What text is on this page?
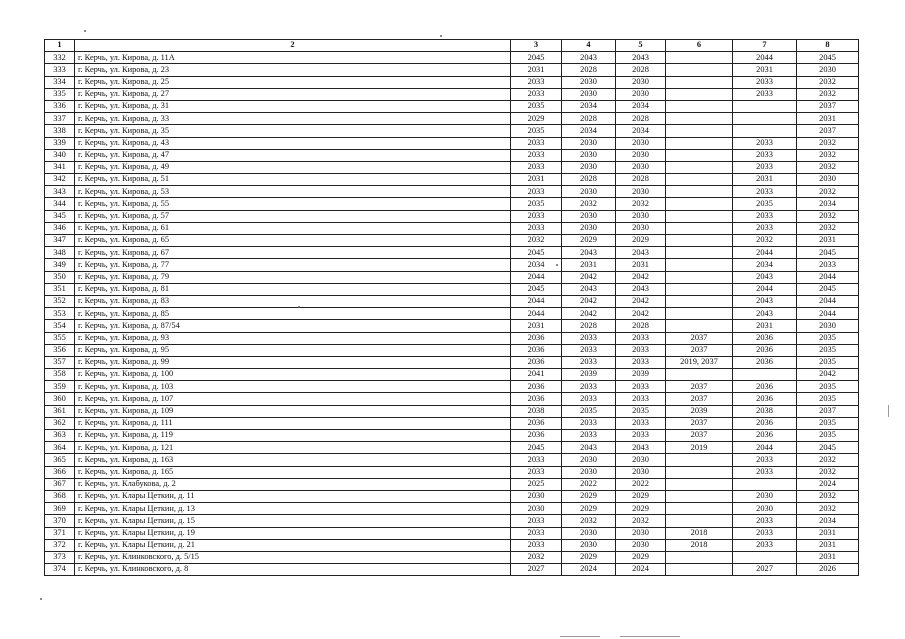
1	2	3	4	5	6	7	8
332	г. Керчь, ул. Кирова, д. 11А	2045	2043	2043		2044	2045
333	г. Керчь, ул. Кирова, д. 23	2031	2028	2028		2031	2030
334	г. Керчь, ул. Кирова, д. 25	2033	2030	2030		2033	2032
335	г. Керчь, ул. Кирова, д. 27	2033	2030	2030		2033	2032
336	г. Керчь, ул. Кирова, д. 31	2035	2034	2034			2037
337	г. Керчь, ул. Кирова, д. 33	2029	2028	2028			2031
338	г. Керчь, ул. Кирова, д. 35	2035	2034	2034			2037
339	г. Керчь, ул. Кирова, д. 43	2033	2030	2030		2033	2032
340	г. Керчь, ул. Кирова, д. 47	2033	2030	2030		2033	2032
341	г. Керчь, ул. Кирова, д. 49	2033	2030	2030		2033	2032
342	г. Керчь, ул. Кирова, д. 51	2031	2028	2028		2031	2030
343	г. Керчь, ул. Кирова, д. 53	2033	2030	2030		2033	2032
344	г. Керчь, ул. Кирова, д. 55	2035	2032	2032		2035	2034
345	г. Керчь, ул. Кирова, д. 57	2033	2030	2030		2033	2032
346	г. Керчь, ул. Кирова, д. 61	2033	2030	2030		2033	2032
347	г. Керчь, ул. Кирова, д. 65	2032	2029	2029		2032	2031
348	г. Керчь, ул. Кирова, д. 67	2045	2043	2043		2044	2045
349	г. Керчь, ул. Кирова, д. 77	2034	2031	2031		2034	2033
350	г. Керчь, ул. Кирова, д. 79	2044	2042	2042		2043	2044
351	г. Керчь, ул. Кирова, д. 81	2045	2043	2043		2044	2045
352	г. Керчь, ул. Кирова, д. 83	2044	2042	2042		2043	2044
353	г. Керчь, ул. Кирова, д. 85	2044	2042	2042		2043	2044
354	г. Керчь, ул. Кирова, д. 87/54	2031	2028	2028		2031	2030
355	г. Керчь, ул. Кирова, д. 93	2036	2033	2033	2037	2036	2035
356	г. Керчь, ул. Кирова, д. 95	2036	2033	2033	2037	2036	2035
357	г. Керчь, ул. Кирова, д. 99	2036	2033	2033	2019, 2037	2036	2035
358	г. Керчь, ул. Кирова, д. 100	2041	2039	2039			2042
359	г. Керчь, ул. Кирова, д. 103	2036	2033	2033	2037	2036	2035
360	г. Керчь, ул. Кирова, д. 107	2036	2033	2033	2037	2036	2035
361	г. Керчь, ул. Кирова, д. 109	2038	2035	2035	2039	2038	2037
362	г. Керчь, ул. Кирова, д. 111	2036	2033	2033	2037	2036	2035
363	г. Керчь, ул. Кирова, д. 119	2036	2033	2033	2037	2036	2035
364	г. Керчь, ул. Кирова, д. 121	2045	2043	2043	2019	2044	2045
365	г. Керчь, ул. Кирова, д. 163	2033	2030	2030		2033	2032
366	г. Керчь, ул. Кирова, д. 165	2033	2030	2030		2033	2032
367	г. Керчь, ул. Клабукова, д. 2	2025	2022	2022			2024
368	г. Керчь, ул. Клары Цеткин, д. 11	2030	2029	2029		2030	2032
369	г. Керчь, ул. Клары Цеткин, д. 13	2030	2029	2029		2030	2032
370	г. Керчь, ул. Клары Цеткин, д. 15	2033	2032	2032		2033	2034
371	г. Керчь, ул. Клары Цеткин, д. 19	2033	2030	2030	2018	2033	2031
372	г. Керчь, ул. Клары Цеткин, д. 21	2033	2030	2030	2018	2033	2031
373	г. Керчь, ул. Клинковского, д. 5/15	2032	2029	2029			2031
374	г. Керчь, ул. Клинковского, д. 8	2027	2024	2024		2027	2026
